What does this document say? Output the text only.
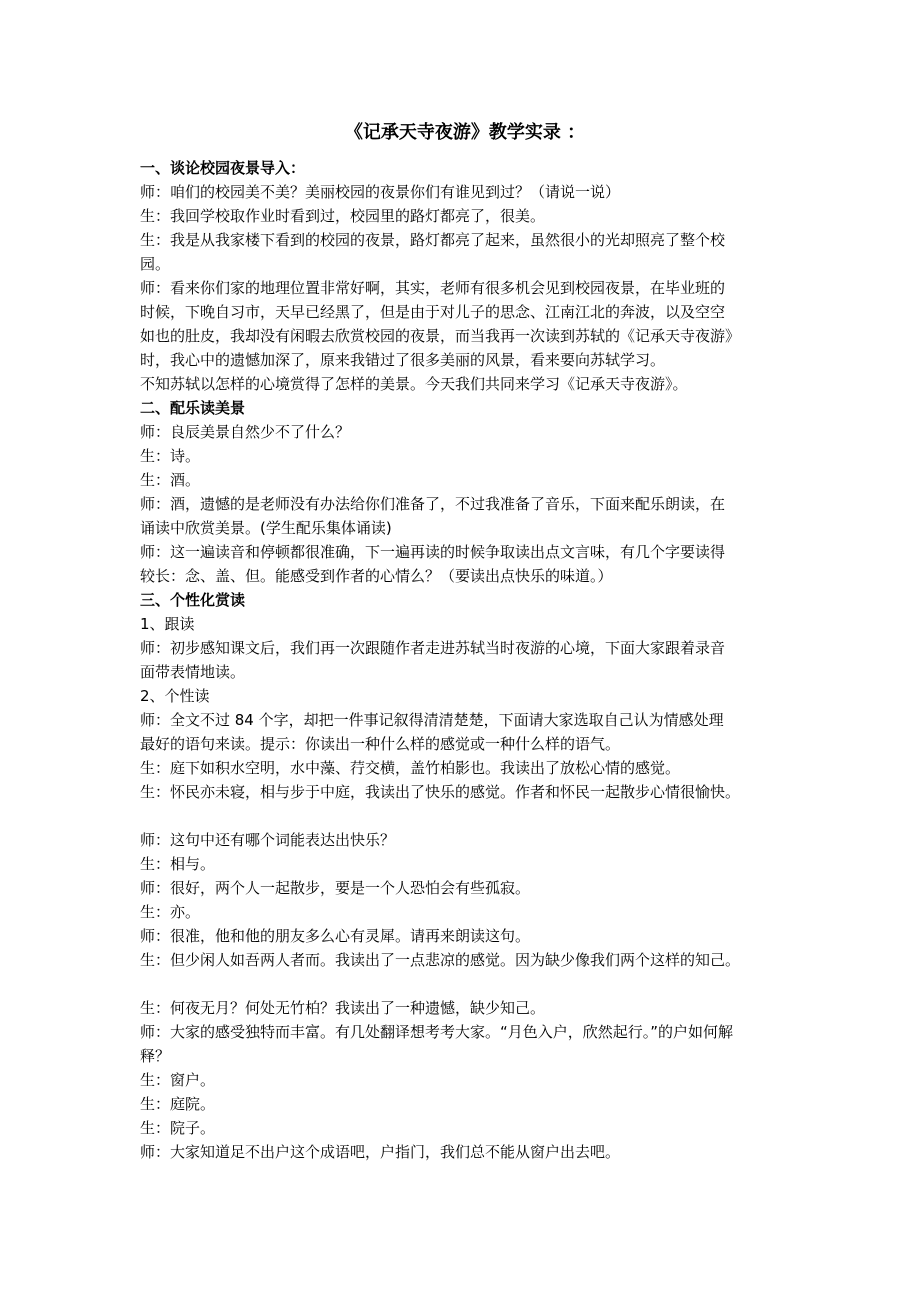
《记承天寺夜游》教学实录 ：
一、谈论校园夜景导入：
师：咱们的校园美不美？美丽校园的夜景你们有谁见到过？（请说一说）
生：我回学校取作业时看到过，校园里的路灯都亮了，很美。
生：我是从我家楼下看到的校园的夜景，路灯都亮了起来，虽然很小的光却照亮了整个校
园。
师：看来你们家的地理位置非常好啊，其实，老师有很多机会见到校园夜景，在毕业班的
时候，下晚自习市，天早已经黑了，但是由于对儿子的思念、江南江北的奔波，以及空空
如也的肚皮，我却没有闲暇去欣赏校园的夜景，而当我再一次读到苏轼的《记承天寺夜游》
时，我心中的遗憾加深了，原来我错过了很多美丽的风景，看来要向苏轼学习。
不知苏轼以怎样的心境赏得了怎样的美景。今天我们共同来学习《记承天寺夜游》。
二、配乐读美景
师：良辰美景自然少不了什么？
生：诗。
生：酒。
师：酒，遗憾的是老师没有办法给你们准备了，不过我准备了音乐，下面来配乐朗读，在
诵读中欣赏美景。(学生配乐集体诵读)
师：这一遍读音和停顿都很准确，下一遍再读的时候争取读出点文言味，有几个字要读得
较长：念、盖、但。能感受到作者的心情么？（要读出点快乐的味道。）
三、个性化赏读
1、跟读
师：初步感知课文后，我们再一次跟随作者走进苏轼当时夜游的心境，下面大家跟着录音
面带表情地读。
2、个性读
师：全文不过 84 个字，却把一件事记叙得清清楚楚，下面请大家选取自己认为情感处理
最好的语句来读。提示：你读出一种什么样的感觉或一种什么样的语气。
生：庭下如积水空明，水中藻、荇交横，盖竹柏影也。我读出了放松心情的感觉。
生：怀民亦未寝，相与步于中庭，我读出了快乐的感觉。作者和怀民一起散步心情很愉快。
师：这句中还有哪个词能表达出快乐？
生：相与。
师：很好，两个人一起散步，要是一个人恐怕会有些孤寂。
生：亦。
师：很准，他和他的朋友多么心有灵犀。请再来朗读这句。
生：但少闲人如吾两人者而。我读出了一点悲凉的感觉。因为缺少像我们两个这样的知己。
生：何夜无月？何处无竹柏？我读出了一种遗憾，缺少知己。
师：大家的感受独特而丰富。有几处翻译想考考大家。“月色入户，欣然起行。”的户如何解
释？
生：窗户。
生：庭院。
生：院子。
师：大家知道足不出户这个成语吧，户指门，我们总不能从窗户出去吧。
